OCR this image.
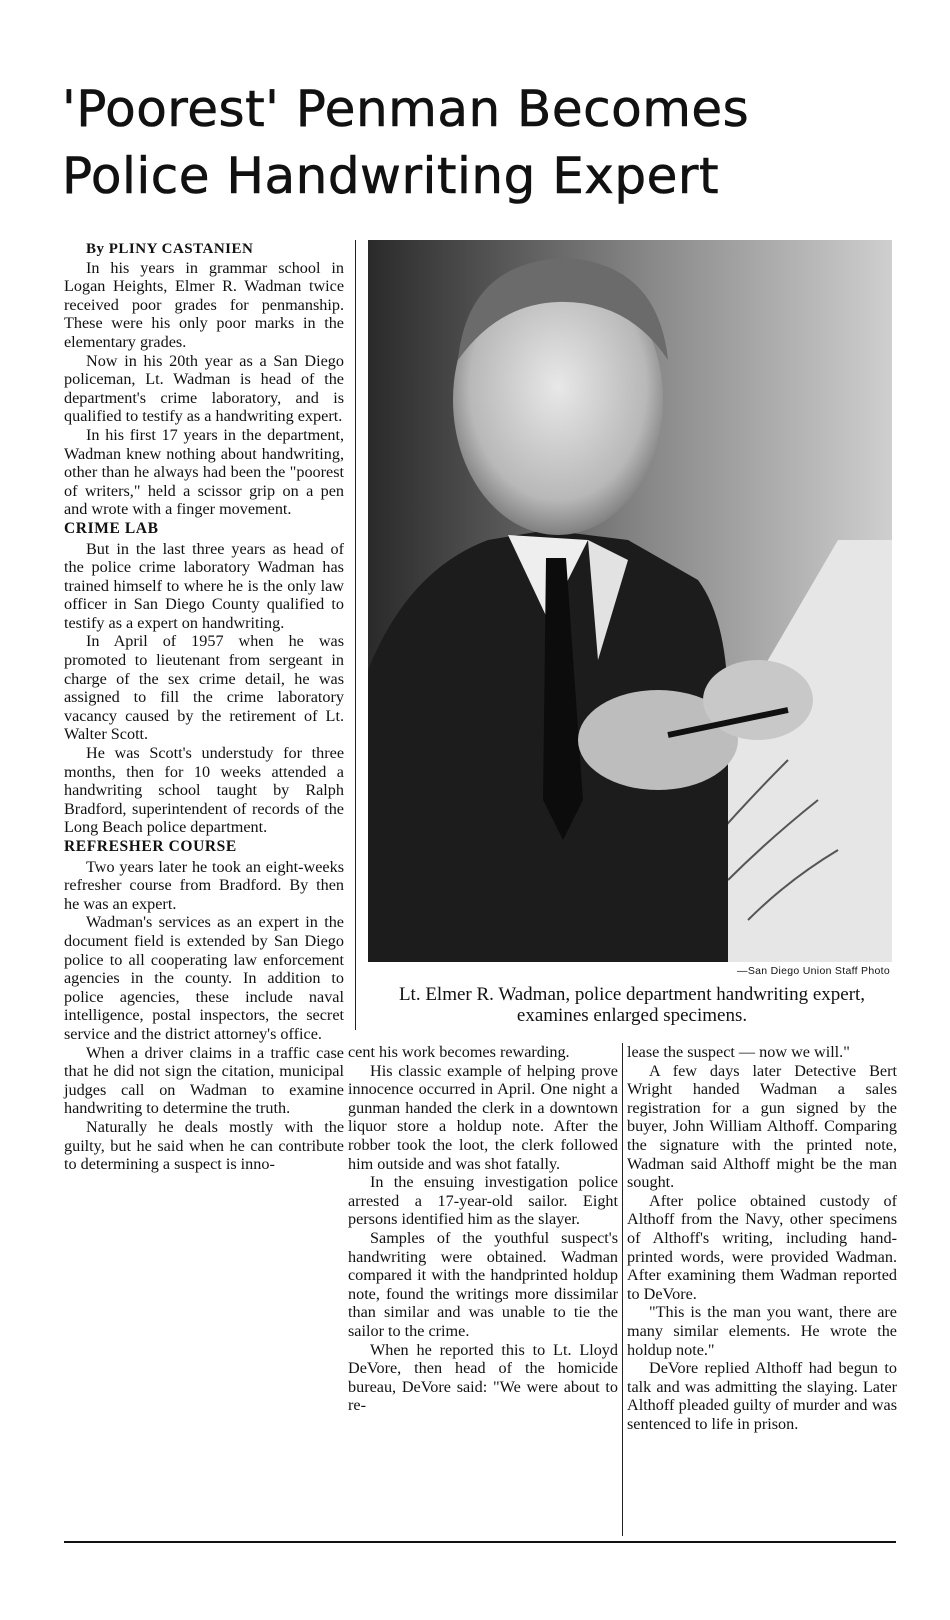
'Poorest' Penman Becomes
Police Handwriting Expert

By PLINY CASTANIEN

In his years in grammar school in Logan Heights, Elmer R. Wadman twice received poor grades for penmanship. These were his only poor marks in the elementary grades.

Now in his 20th year as a San Diego policeman, Lt. Wadman is head of the department's crime laboratory, and is qualified to testify as a handwriting expert.

In his first 17 years in the department, Wadman knew nothing about handwriting, other than he always had been the "poorest of writers," held a scissor grip on a pen and wrote with a finger movement.

CRIME LAB

But in the last three years as head of the police crime laboratory Wadman has trained himself to where he is the only law officer in San Diego County qualified to testify as a expert on handwriting.

In April of 1957 when he was promoted to lieutenant from sergeant in charge of the sex crime detail, he was assigned to fill the crime laboratory vacancy caused by the retirement of Lt. Walter Scott.

He was Scott's understudy for three months, then for 10 weeks attended a handwriting school taught by Ralph Bradford, superintendent of records of the Long Beach police department.

REFRESHER COURSE

Two years later he took an eight-weeks refresher course from Bradford. By then he was an expert.

Wadman's services as an expert in the document field is extended by San Diego police to all cooperating law enforcement agencies in the county. In addition to police agencies, these include naval intelligence, postal inspectors, the secret service and the district attorney's office.

When a driver claims in a traffic case that he did not sign the citation, municipal judges call on Wadman to examine handwriting to determine the truth.

Naturally he deals mostly with the guilty, but he said when he can contribute to determining a suspect is inno-

—San Diego Union Staff Photo
Lt. Elmer R. Wadman, police department handwriting expert, examines enlarged specimens.

cent his work becomes rewarding.

His classic example of helping prove innocence occurred in April. One night a gunman handed the clerk in a downtown liquor store a holdup note. After the robber took the loot, the clerk followed him outside and was shot fatally.

In the ensuing investigation police arrested a 17-year-old sailor. Eight persons identified him as the slayer.

Samples of the youthful suspect's handwriting were obtained. Wadman compared it with the handprinted holdup note, found the writings more dissimilar than similar and was unable to tie the sailor to the crime.

When he reported this to Lt. Lloyd DeVore, then head of the homicide bureau, DeVore said: "We were about to re-

lease the suspect — now we will."

A few days later Detective Bert Wright handed Wadman a sales registration for a gun signed by the buyer, John William Althoff. Comparing the signature with the printed note, Wadman said Althoff might be the man sought.

After police obtained custody of Althoff from the Navy, other specimens of Althoff's writing, including hand-printed words, were provided Wadman. After examining them Wadman reported to DeVore.

"This is the man you want, there are many similar elements. He wrote the holdup note."

DeVore replied Althoff had begun to talk and was admitting the slaying. Later Althoff pleaded guilty of murder and was sentenced to life in prison.
